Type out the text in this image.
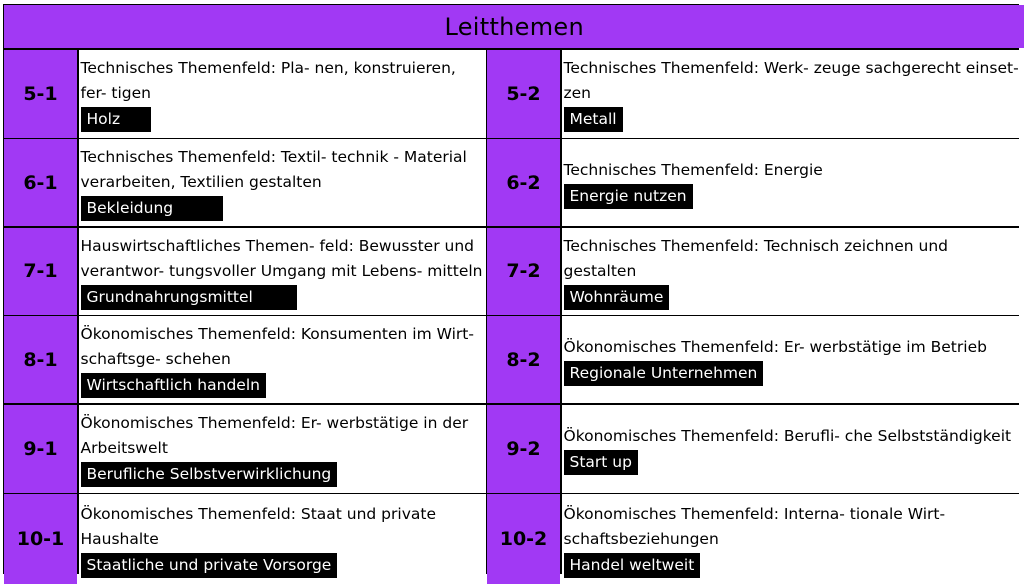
Leitthemen
5-1
Technisches Themenfeld: Pla- nen, konstruieren, fer- tigen
Holz
5-2
Technisches Themenfeld: Werk- zeuge sachgerecht einset- zen
Metall
6-1
Technisches Themenfeld: Textil- technik - Material verarbeiten, Textilien gestalten
Bekleidung
6-2
Technisches Themenfeld: Energie
Energie nutzen
7-1
Hauswirtschaftliches Themen- feld: Bewusster und verantwor- tungsvoller Umgang mit Lebens- mitteln
Grundnahrungsmittel
7-2
Technisches Themenfeld: Technisch zeichnen und gestalten
Wohnräume
8-1
Ökonomisches Themenfeld: Konsumenten im Wirt- schaftsge- schehen
Wirtschaftlich handeln
8-2
Ökonomisches Themenfeld: Er- werbstätige im Betrieb
Regionale Unternehmen
9-1
Ökonomisches Themenfeld: Er- werbstätige in der Arbeitswelt
Berufliche Selbstverwirklichung
9-2
Ökonomisches Themenfeld: Berufli- che Selbstständigkeit
Start up
10-1
Ökonomisches Themenfeld: Staat und private Haushalte
Staatliche und private Vorsorge
10-2
Ökonomisches Themenfeld: Interna- tionale Wirt- schaftsbeziehungen
Handel weltweit
